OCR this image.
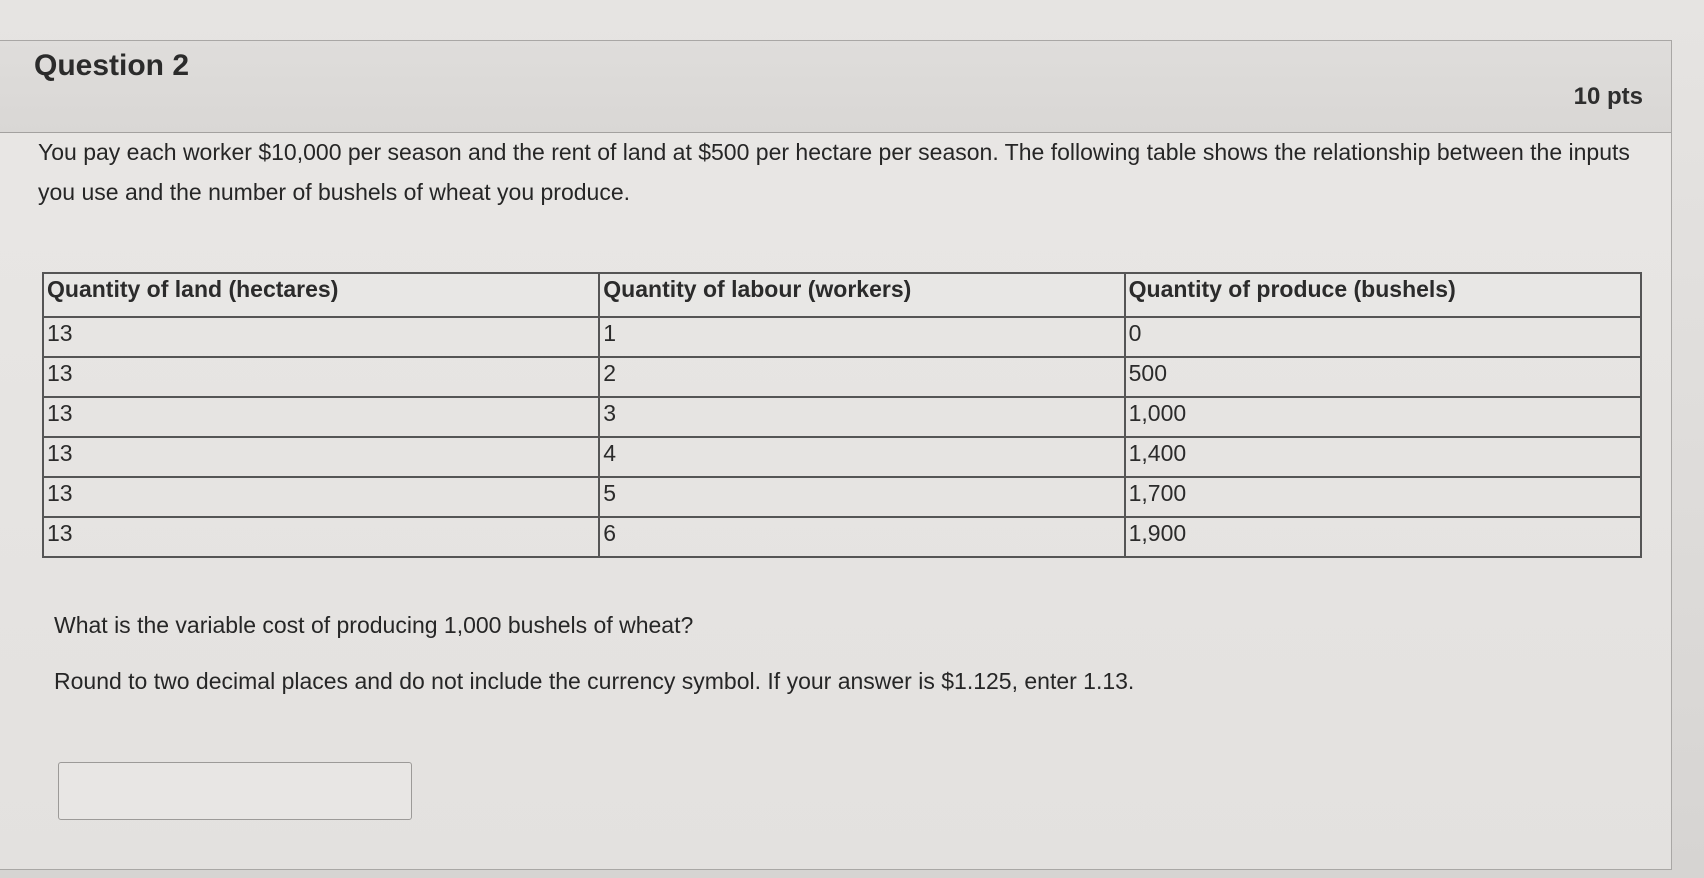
Question 2
10 pts
You pay each worker $10,000 per season and the rent of land at $500 per hectare per season. The following table shows the relationship between the inputs you use and the number of bushels of wheat you produce.
Quantity of land (hectares)	Quantity of labour (workers)	Quantity of produce (bushels)
13	1	0
13	2	500
13	3	1,000
13	4	1,400
13	5	1,700
13	6	1,900
What is the variable cost of producing 1,000 bushels of wheat?
Round to two decimal places and do not include the currency symbol. If your answer is $1.125, enter 1.13.
